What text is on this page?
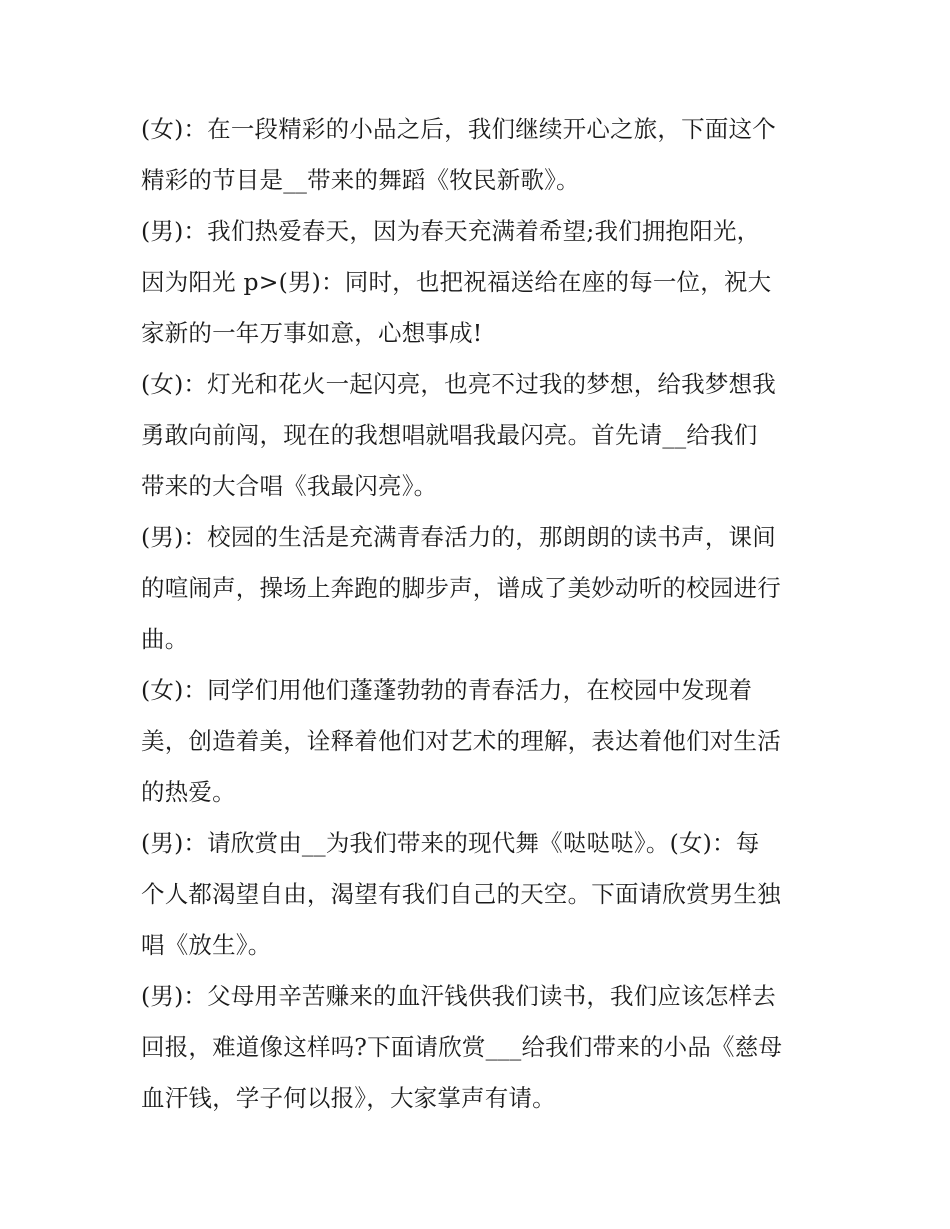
(女)：在一段精彩的小品之后，我们继续开心之旅，下面这个
精彩的节目是__带来的舞蹈《牧民新歌》。
(男)：我们热爱春天，因为春天充满着希望;我们拥抱阳光，
因为阳光 p>(男)：同时，也把祝福送给在座的每一位，祝大
家新的一年万事如意，心想事成!
(女)：灯光和花火一起闪亮，也亮不过我的梦想，给我梦想我
勇敢向前闯，现在的我想唱就唱我最闪亮。首先请__给我们
带来的大合唱《我最闪亮》。
(男)：校园的生活是充满青春活力的，那朗朗的读书声，课间
的喧闹声，操场上奔跑的脚步声，谱成了美妙动听的校园进行
曲。
(女)：同学们用他们蓬蓬勃勃的青春活力，在校园中发现着
美，创造着美，诠释着他们对艺术的理解，表达着他们对生活
的热爱。
(男)：请欣赏由__为我们带来的现代舞《哒哒哒》。(女)：每
个人都渴望自由，渴望有我们自己的天空。下面请欣赏男生独
唱《放生》。
(男)：父母用辛苦赚来的血汗钱供我们读书，我们应该怎样去
回报，难道像这样吗?下面请欣赏___给我们带来的小品《慈母
血汗钱，学子何以报》，大家掌声有请。
